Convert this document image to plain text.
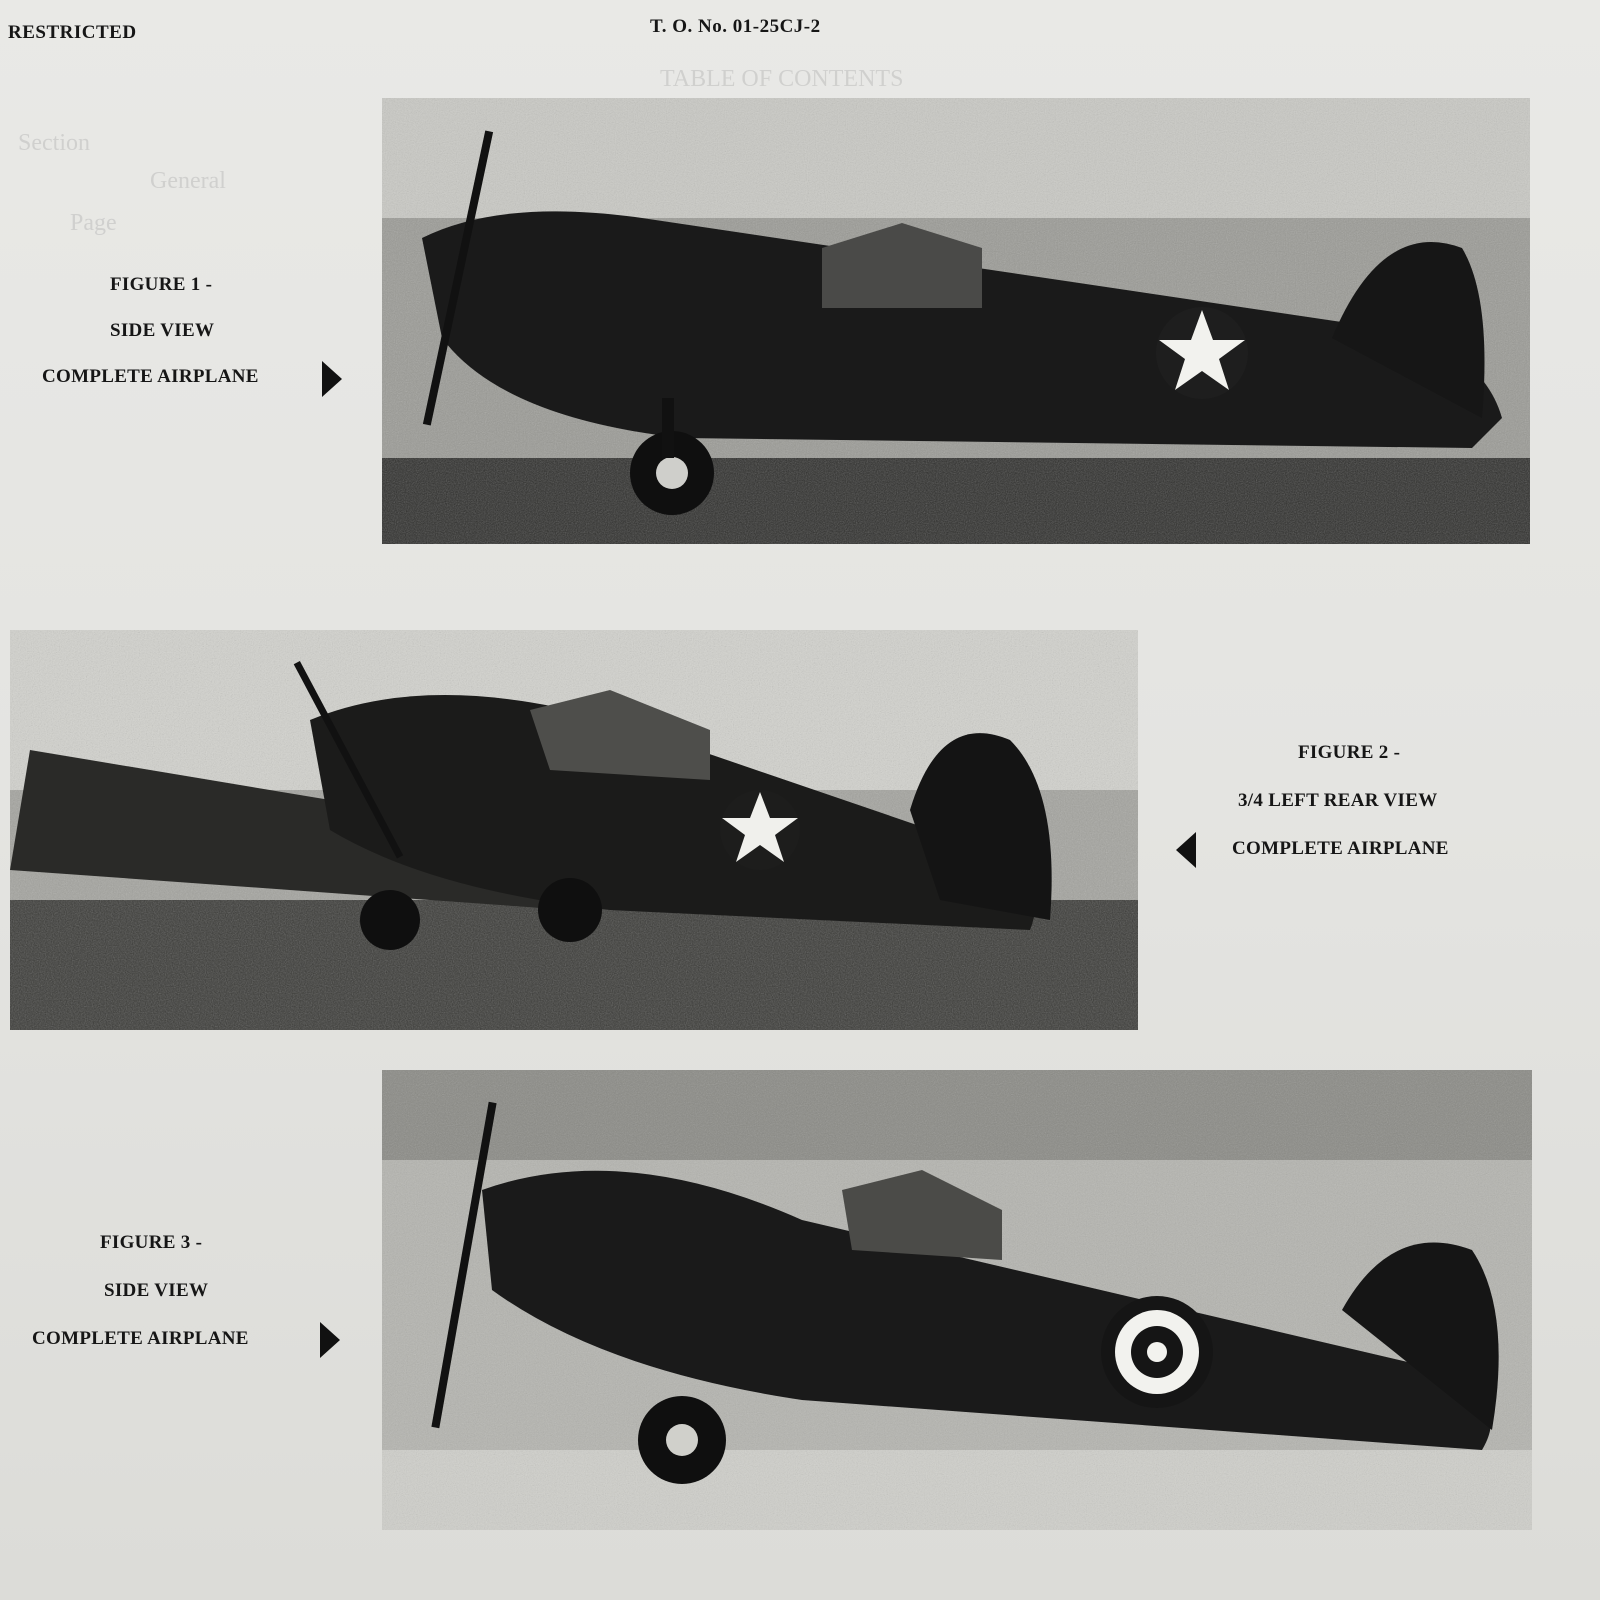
TABLE OF CONTENTS
Section
General
Page
RESTRICTED	T. O. No. 01-25CJ-2
FIGURE 1 -
SIDE VIEW
COMPLETE AIRPLANE
FIGURE 2 -
3/4 LEFT REAR VIEW
COMPLETE AIRPLANE
FIGURE 3 -
SIDE VIEW
COMPLETE AIRPLANE
